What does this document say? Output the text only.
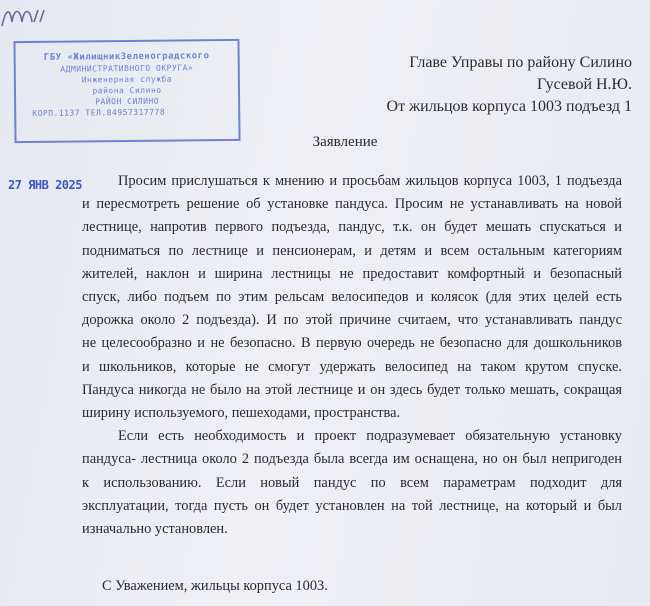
ГБУ «ЖилищникЗеленоградского
АДМИНИСТРАТИВНОГО ОКРУГА»
Инженерная служба
района Силино
РАЙОН СИЛИНО
КОРП.1137 ТЕЛ.84957317778
Главе Управы по району Силино
Гусевой Н.Ю.
От жильцов корпуса 1003 подъезд 1
Заявление
27 ЯНВ 2025	Просим прислушаться к мнению и просьбам жильцов корпуса 1003, 1 подъезда
и пересмотреть решение об установке пандуса. Просим не устанавливать на новой
лестнице, напротив первого подъезда, пандус, т.к. он будет мешать спускаться и
подниматься по лестнице и пенсионерам, и детям и всем остальным категориям
жителей, наклон и ширина лестницы не предоставит комфортный и безопасный
спуск, либо подъем по этим рельсам велосипедов и колясок (для этих целей есть
дорожка около 2 подъезда). И по этой причине считаем, что устанавливать пандус
не целесообразно и не безопасно. В первую очередь не безопасно для дошкольников
и школьников, которые не смогут удержать велосипед на таком крутом спуске.
Пандуса никогда не было на этой лестнице и он здесь будет только мешать, сокращая
ширину используемого, пешеходами, пространства.

Если есть необходимость и проект подразумевает обязательную установку
пандуса- лестница около 2 подъезда была всегда им оснащена, но он был непригоден
к использованию. Если новый пандус по всем параметрам подходит для
эксплуатации, тогда пусть он будет установлен на той лестнице, на который и был
изначально установлен.

С Уважением, жильцы корпуса 1003.
